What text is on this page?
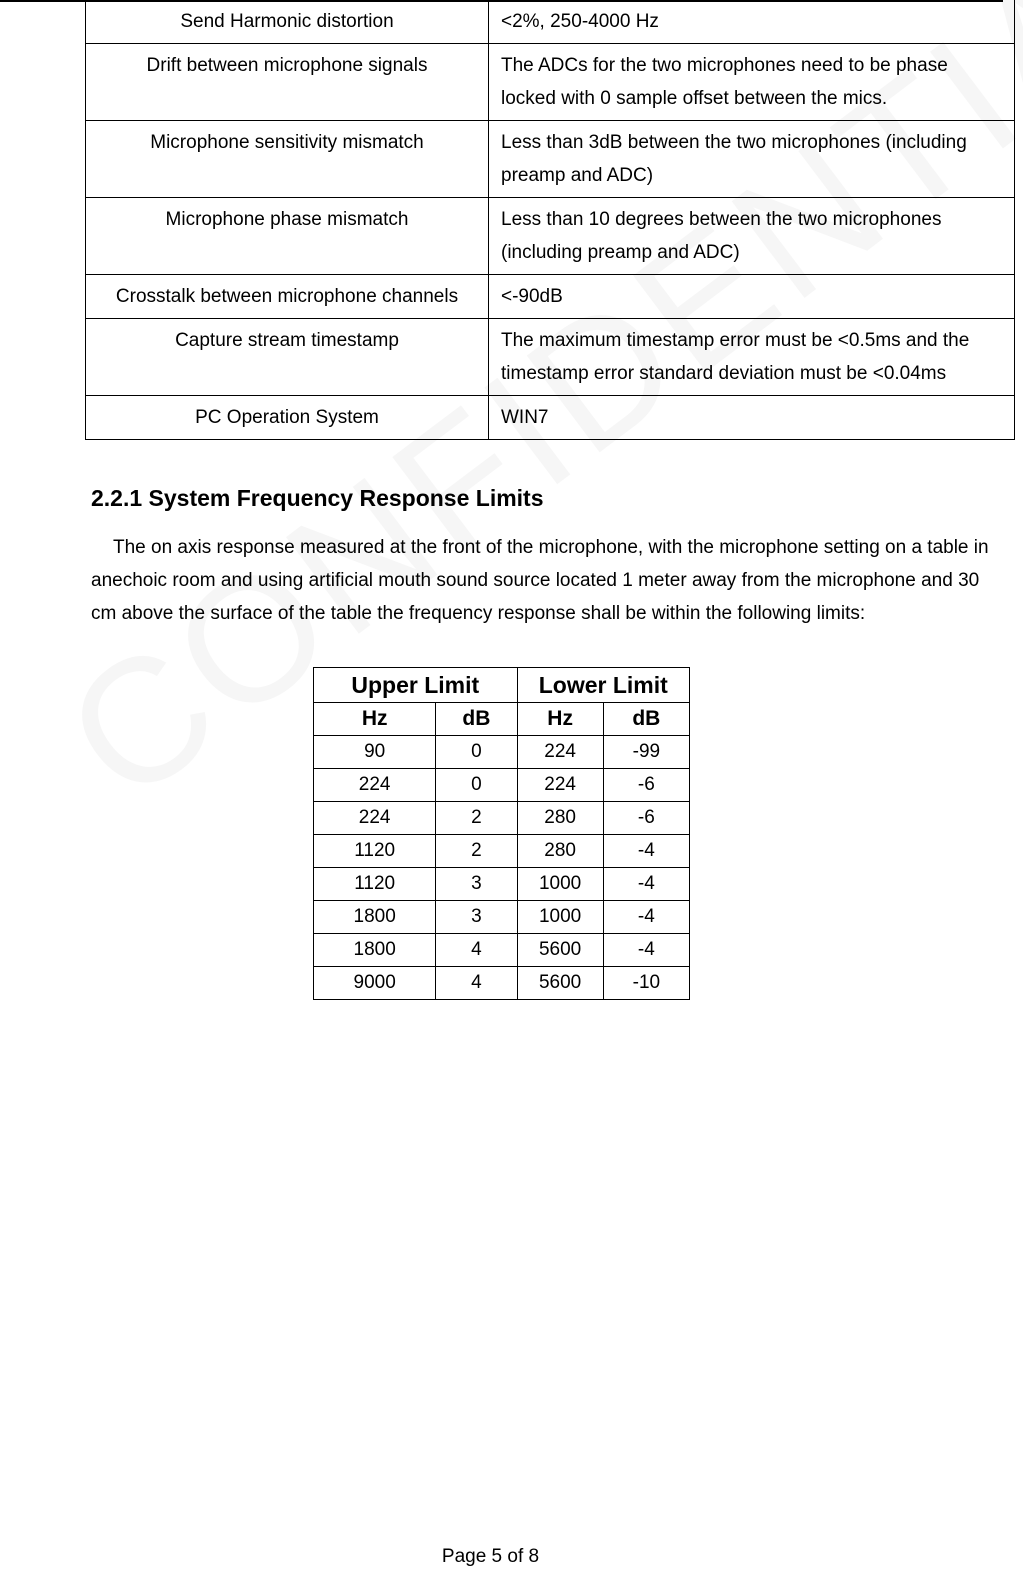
Send Harmonic distortion	<2%, 250-4000 Hz
Drift between microphone signals	The ADCs for the two microphones need to be phase locked with 0 sample offset between the mics.
Microphone sensitivity mismatch	Less than 3dB between the two microphones (including preamp and ADC)
Microphone phase mismatch	Less than 10 degrees between the two microphones (including preamp and ADC)
Crosstalk between microphone channels	<-90dB
Capture stream timestamp	The maximum timestamp error must be <0.5ms and the timestamp error standard deviation must be <0.04ms
PC Operation System	WIN7
2.2.1 System Frequency Response Limits

The on axis response measured at the front of the microphone, with the microphone setting on a table in anechoic room and using artificial mouth sound source located 1 meter away from the microphone and 30 cm above the surface of the table the frequency response shall be within the following limits:

Upper Limit		Lower Limit	
Hz	dB	Hz	dB
90	0	224	-99
224	0	224	-6
224	2	280	-6
1120	2	280	-4
1120	3	1000	-4
1800	3	1000	-4
1800	4	5600	-4
9000	4	5600	-10
Page 5 of 8
